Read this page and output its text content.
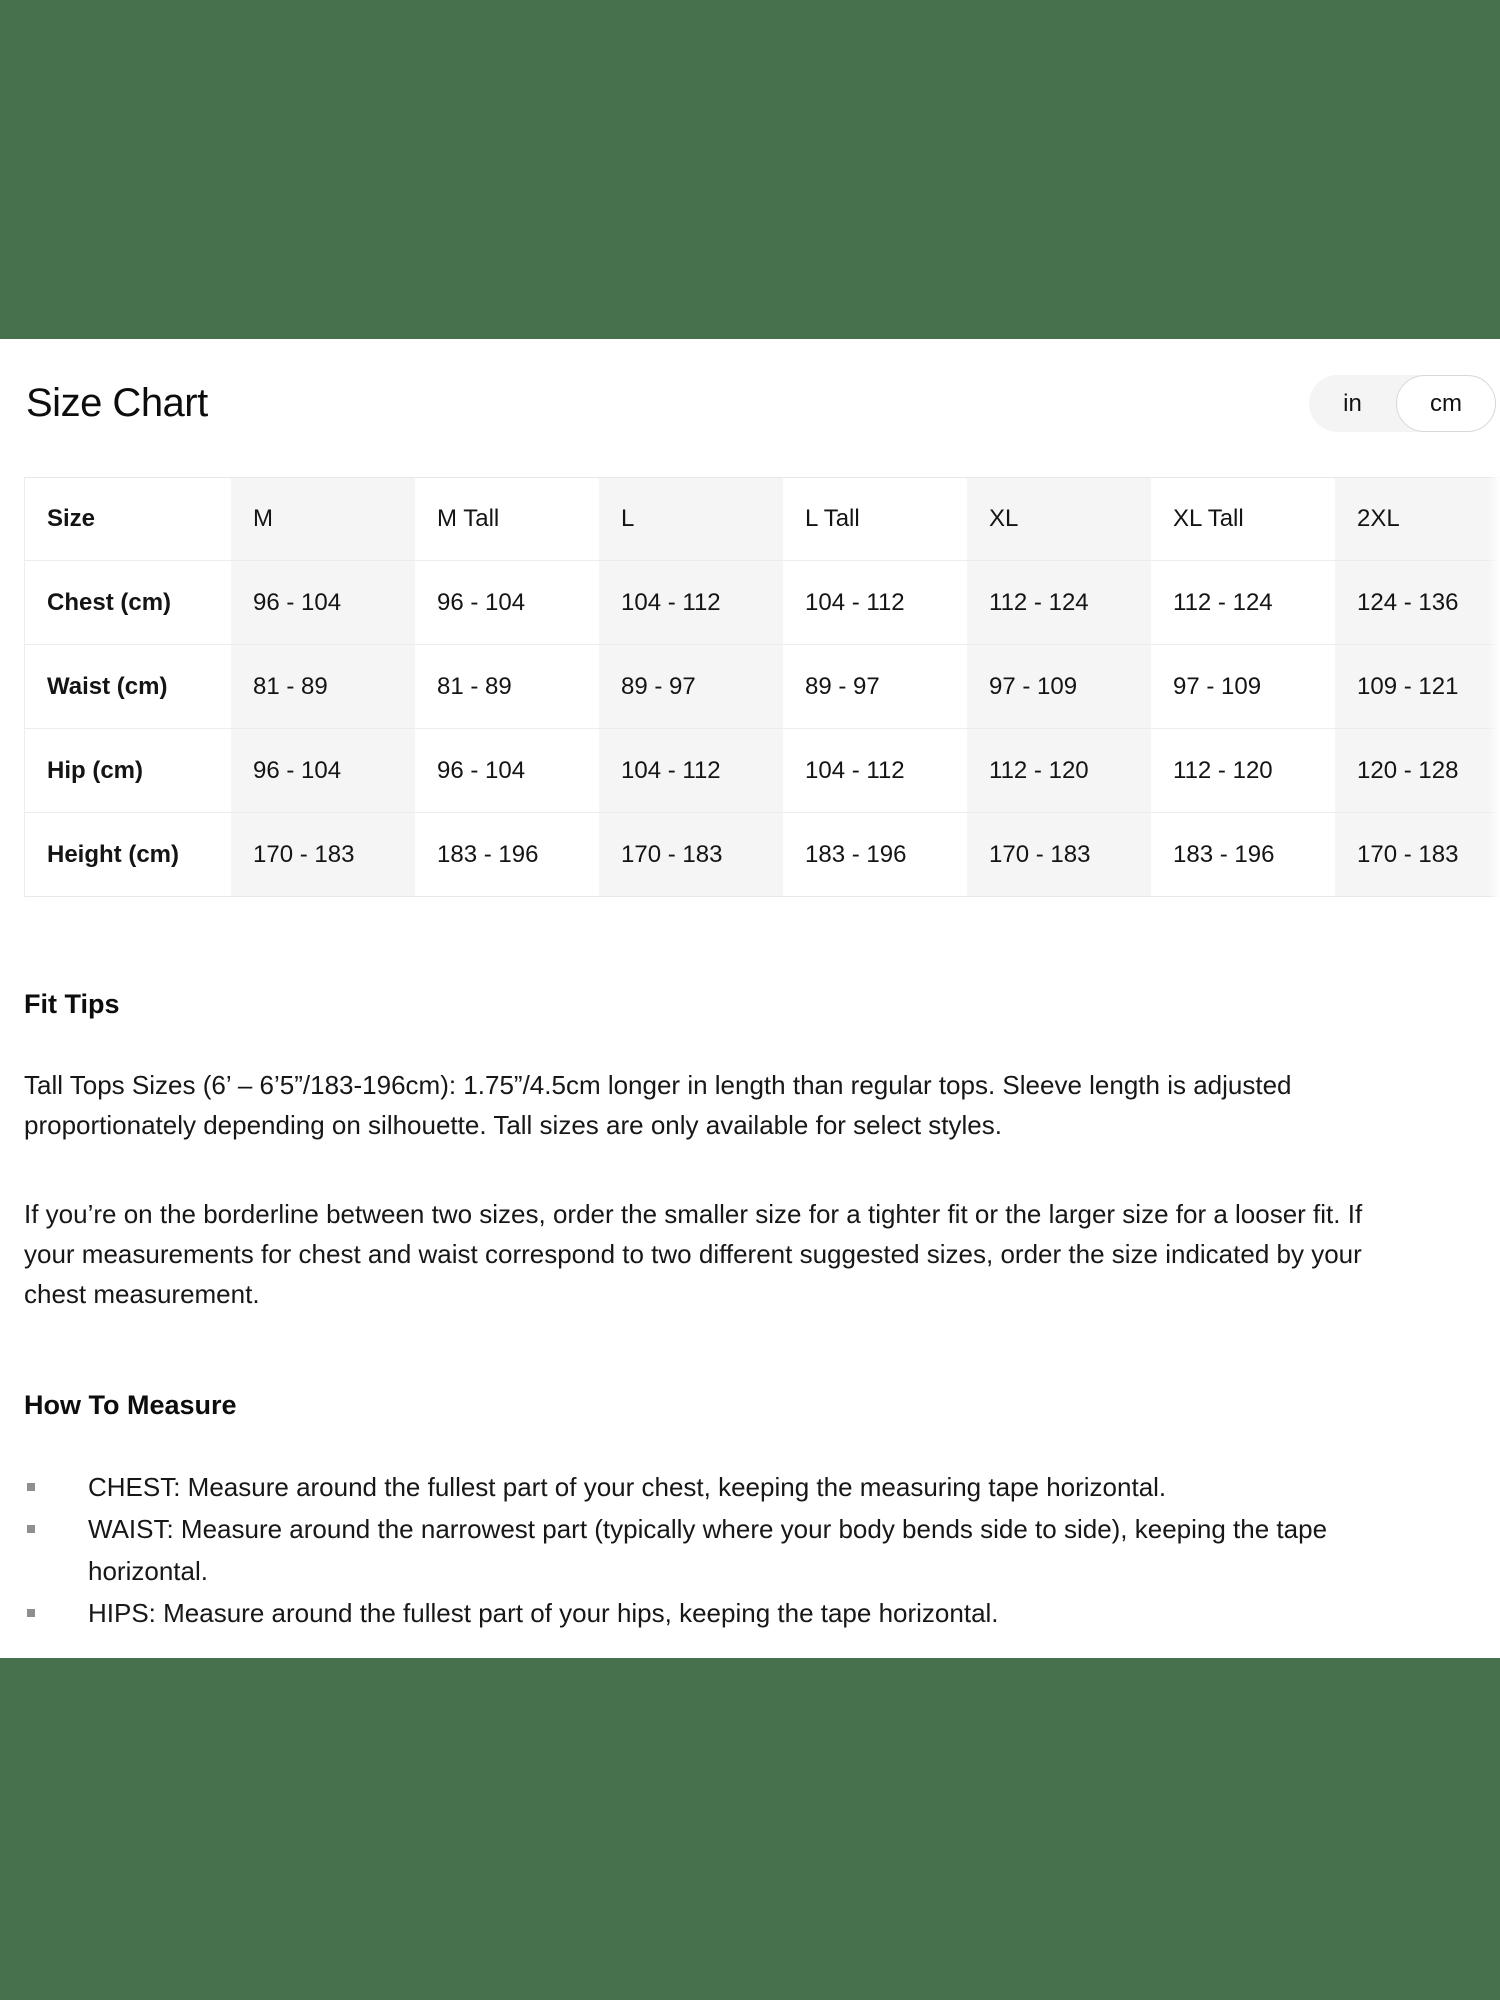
Size Chart	in	cm
Size	M	M Tall	L	L Tall	XL	XL Tall	2XL
Chest (cm)	96 - 104	96 - 104	104 - 112	104 - 112	112 - 124	112 - 124	124 - 136
Waist (cm)	81 - 89	81 - 89	89 - 97	89 - 97	97 - 109	97 - 109	109 - 121
Hip (cm)	96 - 104	96 - 104	104 - 112	104 - 112	112 - 120	112 - 120	120 - 128
Height (cm)	170 - 183	183 - 196	170 - 183	183 - 196	170 - 183	183 - 196	170 - 183
Fit Tips

Tall Tops Sizes (6’ – 6’5”/183-196cm): 1.75”/4.5cm longer in length than regular tops. Sleeve length is adjusted proportionately depending on silhouette. Tall sizes are only available for select styles.

If you’re on the borderline between two sizes, order the smaller size for a tighter fit or the larger size for a looser fit. If your measurements for chest and waist correspond to two different suggested sizes, order the size indicated by your chest measurement.

How To Measure
CHEST: Measure around the fullest part of your chest, keeping the measuring tape horizontal.
WAIST: Measure around the narrowest part (typically where your body bends side to side), keeping the tape horizontal.
HIPS: Measure around the fullest part of your hips, keeping the tape horizontal.
